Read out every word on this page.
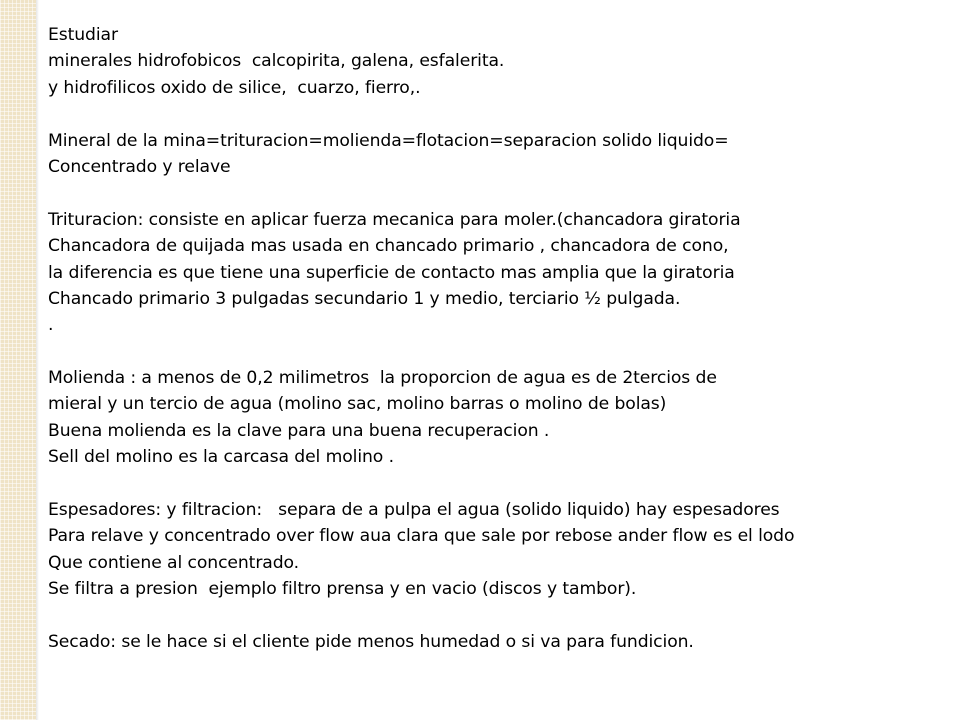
Estudiar
minerales hidrofobicos  calcopirita, galena, esfalerita.
y hidrofilicos oxido de silice,  cuarzo, fierro,.
Mineral de la mina=trituracion=molienda=flotacion=separacion solido liquido=
Concentrado y relave
Trituracion: consiste en aplicar fuerza mecanica para moler.(chancadora giratoria
Chancadora de quijada mas usada en chancado primario , chancadora de cono,
la diferencia es que tiene una superficie de contacto mas amplia que la giratoria
Chancado primario 3 pulgadas secundario 1 y medio, terciario ½ pulgada.
.
Molienda : a menos de 0,2 milimetros  la proporcion de agua es de 2tercios de
mieral y un tercio de agua (molino sac, molino barras o molino de bolas)
Buena molienda es la clave para una buena recuperacion .
Sell del molino es la carcasa del molino .
Espesadores: y filtracion:   separa de a pulpa el agua (solido liquido) hay espesadores
Para relave y concentrado over flow aua clara que sale por rebose ander flow es el lodo
Que contiene al concentrado.
Se filtra a presion  ejemplo filtro prensa y en vacio (discos y tambor).
Secado: se le hace si el cliente pide menos humedad o si va para fundicion.
